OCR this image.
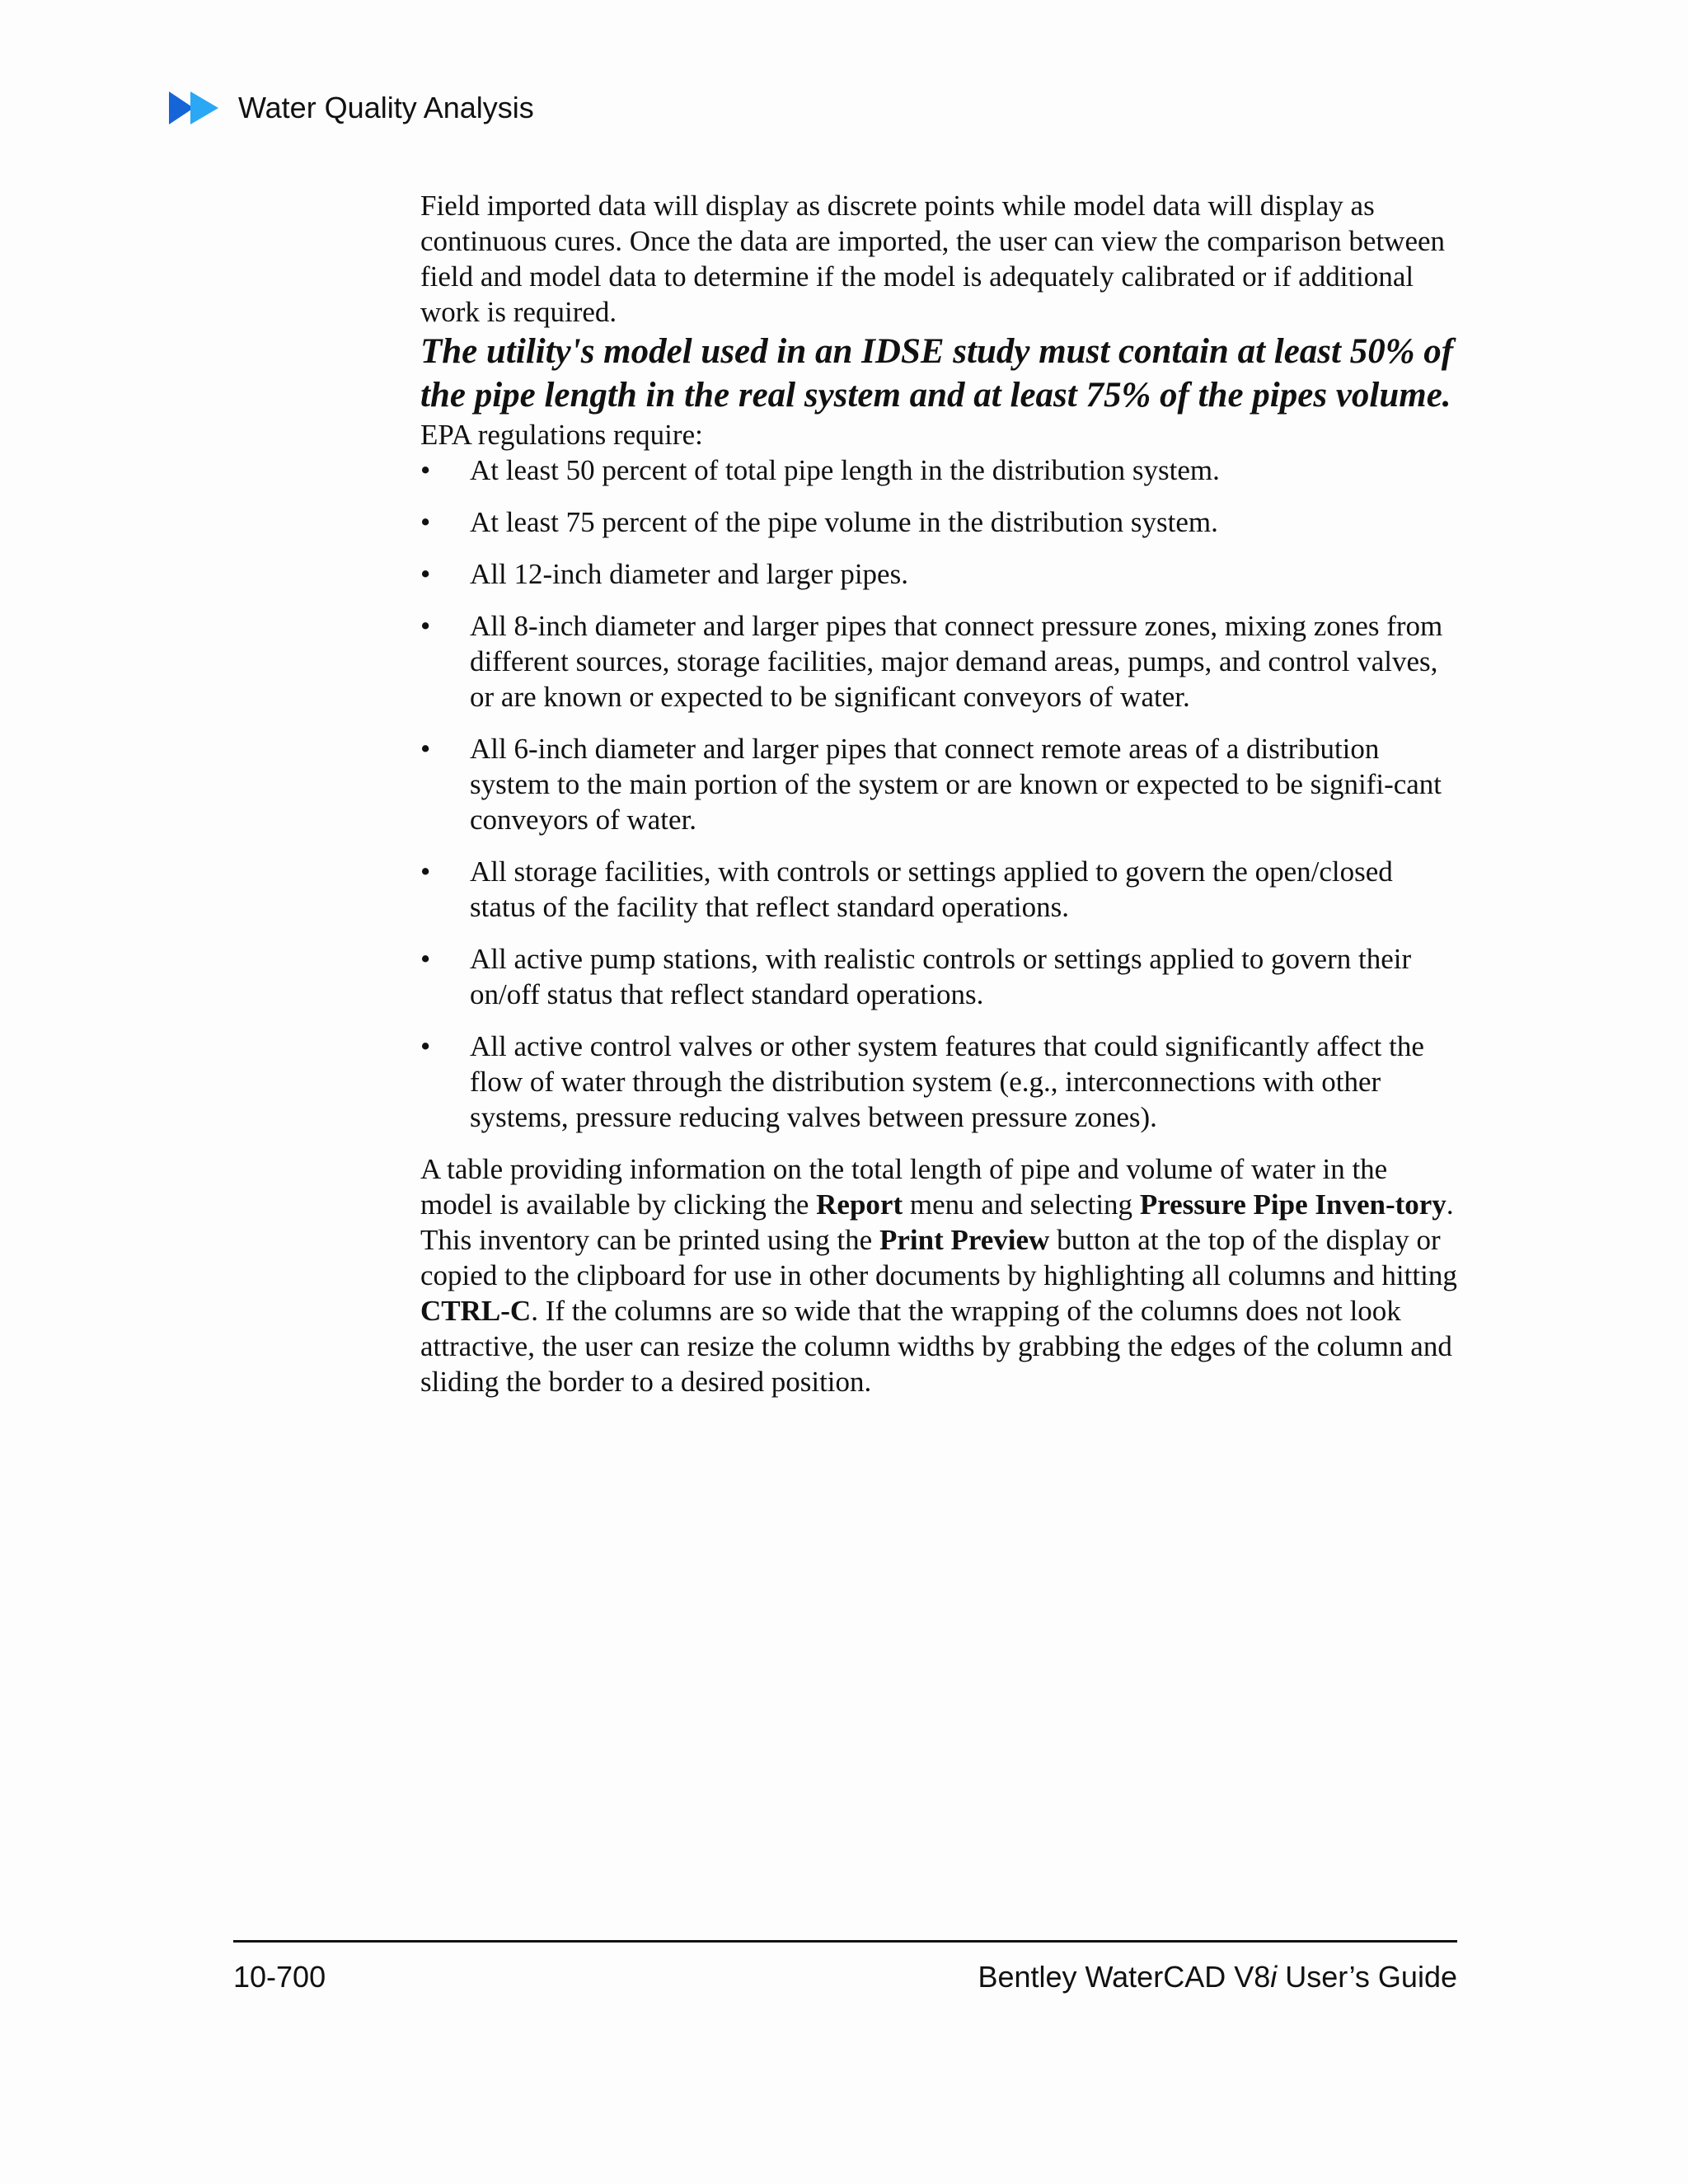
Water Quality Analysis

Field imported data will display as discrete points while model data will display as continuous cures. Once the data are imported, the user can view the comparison between field and model data to determine if the model is adequately calibrated or if additional work is required.

The utility's model used in an IDSE study must contain at least 50% of the pipe length in the real system and at least 75% of the pipes volume.

EPA regulations require:

• At least 50 percent of total pipe length in the distribution system.
• At least 75 percent of the pipe volume in the distribution system.
• All 12-inch diameter and larger pipes.
• All 8-inch diameter and larger pipes that connect pressure zones, mixing zones from different sources, storage facilities, major demand areas, pumps, and control valves, or are known or expected to be significant conveyors of water.
• All 6-inch diameter and larger pipes that connect remote areas of a distribution system to the main portion of the system or are known or expected to be signifi-cant conveyors of water.
• All storage facilities, with controls or settings applied to govern the open/closed status of the facility that reflect standard operations.
• All active pump stations, with realistic controls or settings applied to govern their on/off status that reflect standard operations.
• All active control valves or other system features that could significantly affect the flow of water through the distribution system (e.g., interconnections with other systems, pressure reducing valves between pressure zones).

A table providing information on the total length of pipe and volume of water in the model is available by clicking the Report menu and selecting Pressure Pipe Inven-tory. This inventory can be printed using the Print Preview button at the top of the display or copied to the clipboard for use in other documents by highlighting all columns and hitting CTRL-C. If the columns are so wide that the wrapping of the columns does not look attractive, the user can resize the column widths by grabbing the edges of the column and sliding the border to a desired position.

10-700	Bentley WaterCAD V8i User’s Guide
